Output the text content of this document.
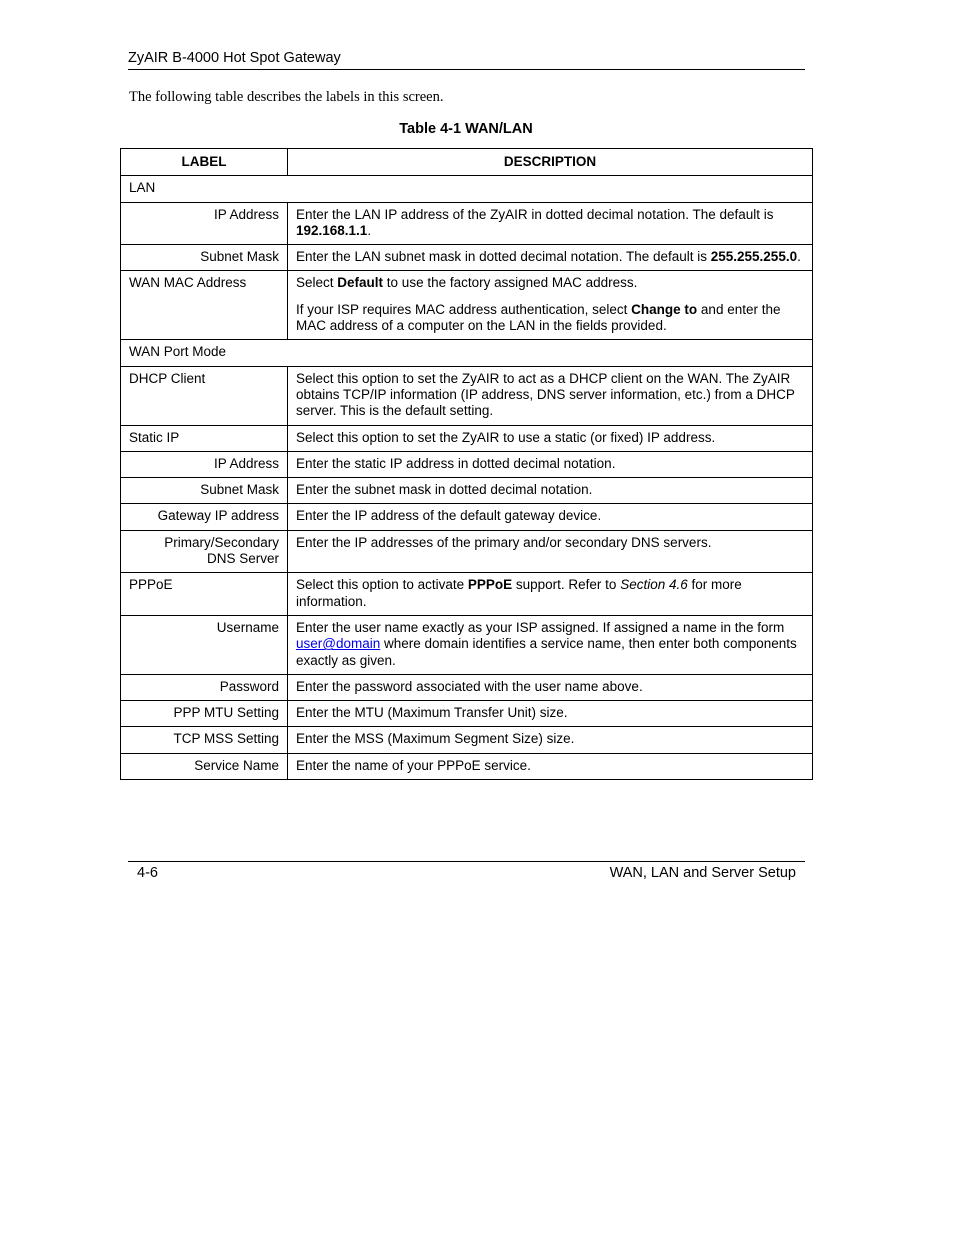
ZyAIR B-4000 Hot Spot Gateway
The following table describes the labels in this screen.
Table 4-1 WAN/LAN
LABEL	DESCRIPTION
LAN	
IP Address	Enter the LAN IP address of the ZyAIR in dotted decimal notation. The default is 192.168.1.1.
Subnet Mask	Enter the LAN subnet mask in dotted decimal notation. The default is 255.255.255.0.
WAN MAC Address	Select Default to use the factory assigned MAC address.
If your ISP requires MAC address authentication, select Change to and enter the MAC address of a computer on the LAN in the fields provided.
WAN Port Mode	
DHCP Client	Select this option to set the ZyAIR to act as a DHCP client on the WAN. The ZyAIR obtains TCP/IP information (IP address, DNS server information, etc.) from a DHCP server. This is the default setting.
Static IP	Select this option to set the ZyAIR to use a static (or fixed) IP address.
IP Address	Enter the static IP address in dotted decimal notation.
Subnet Mask	Enter the subnet mask in dotted decimal notation.
Gateway IP address	Enter the IP address of the default gateway device.
Primary/Secondary
DNS Server	Enter the IP addresses of the primary and/or secondary DNS servers.
PPPoE	Select this option to activate PPPoE support. Refer to Section 4.6 for more information.
Username	Enter the user name exactly as your ISP assigned. If assigned a name in the form user@domain where domain identifies a service name, then enter both components exactly as given.
Password	Enter the password associated with the user name above.
PPP MTU Setting	Enter the MTU (Maximum Transfer Unit) size.
TCP MSS Setting	Enter the MSS (Maximum Segment Size) size.
Service Name	Enter the name of your PPPoE service.
4-6	WAN, LAN and Server Setup
